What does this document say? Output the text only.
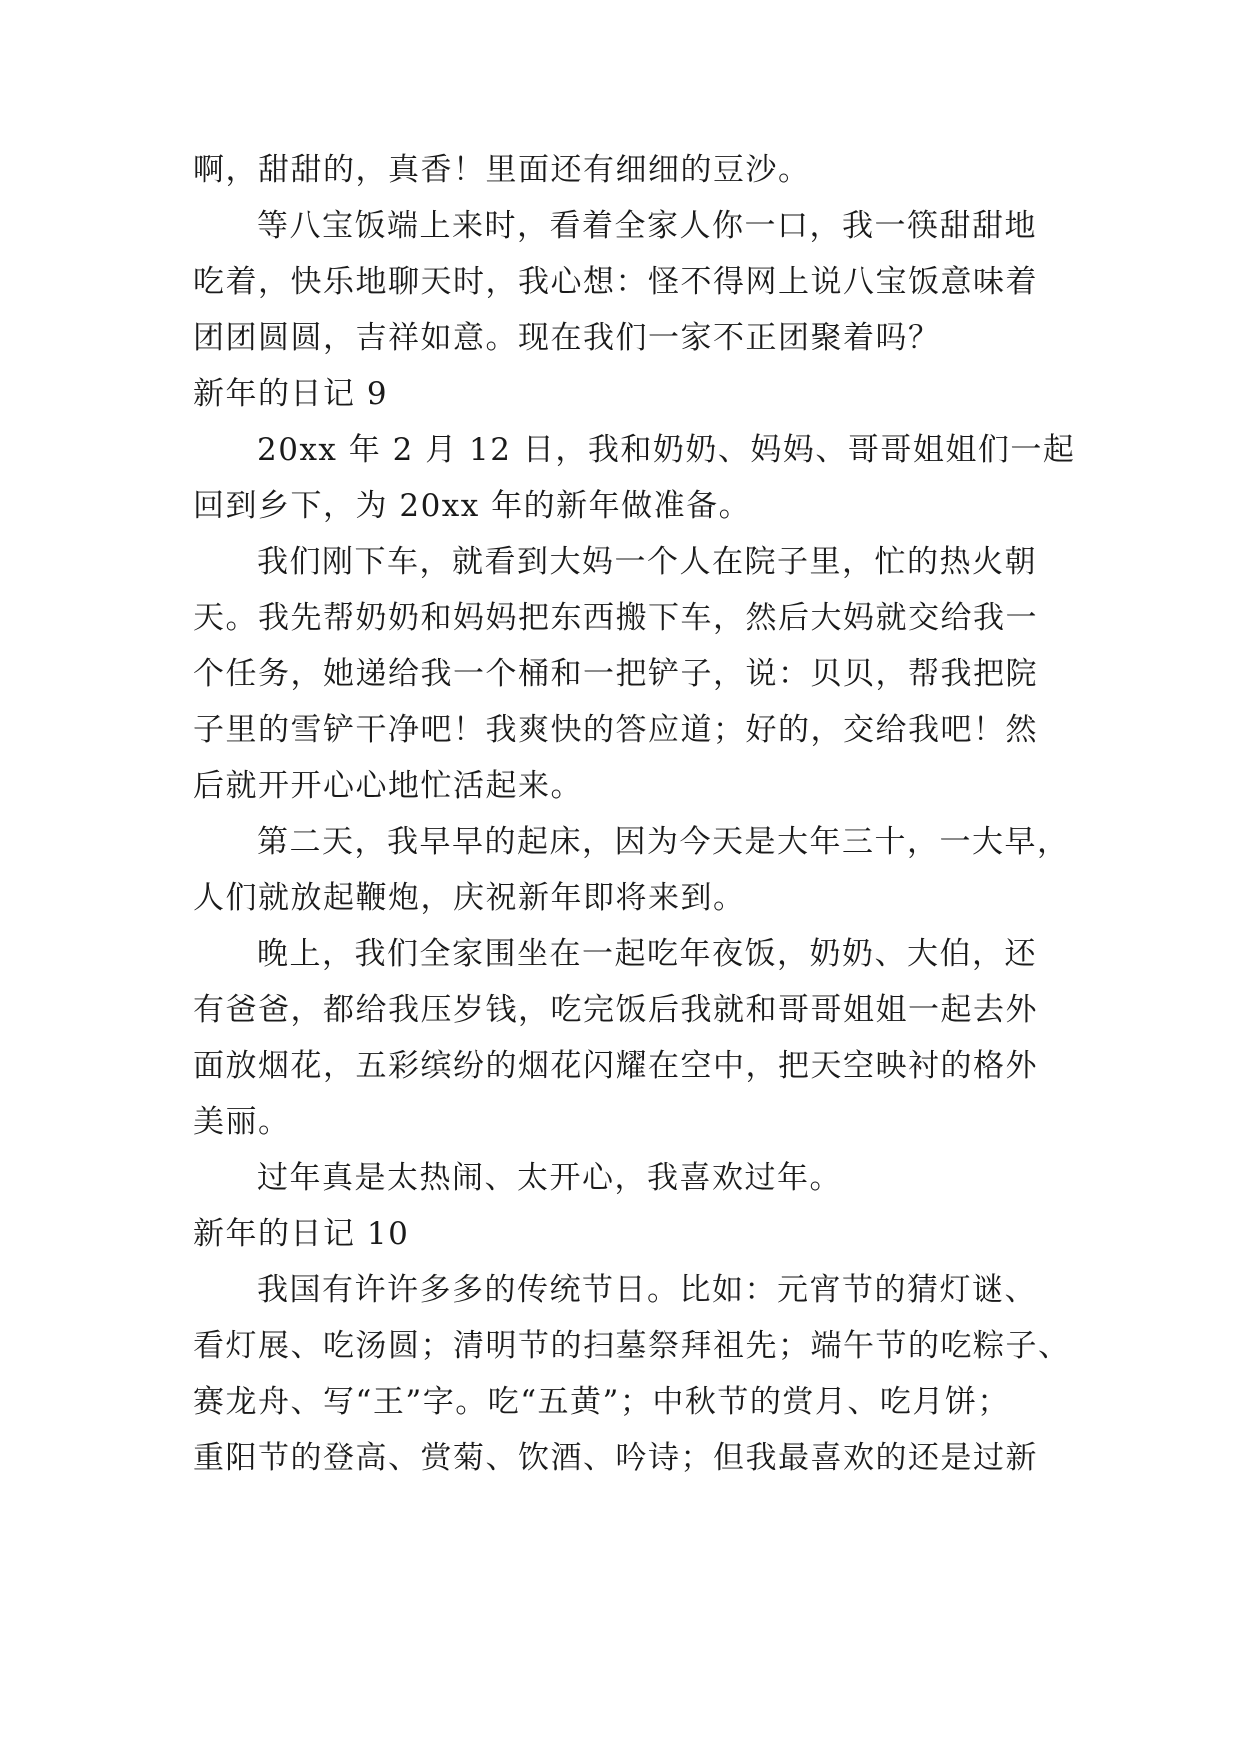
啊，甜甜的，真香！里面还有细细的豆沙。
等八宝饭端上来时，看着全家人你一口，我一筷甜甜地
吃着，快乐地聊天时，我心想：怪不得网上说八宝饭意味着
团团圆圆，吉祥如意。现在我们一家不正团聚着吗？
新年的日记 9
20xx 年 2 月 12 日，我和奶奶、妈妈、哥哥姐姐们一起
回到乡下，为 20xx 年的新年做准备。
我们刚下车，就看到大妈一个人在院子里，忙的热火朝
天。我先帮奶奶和妈妈把东西搬下车，然后大妈就交给我一
个任务，她递给我一个桶和一把铲子，说：贝贝，帮我把院
子里的雪铲干净吧！我爽快的答应道；好的，交给我吧！然
后就开开心心地忙活起来。
第二天，我早早的起床，因为今天是大年三十，一大早，
人们就放起鞭炮，庆祝新年即将来到。
晚上，我们全家围坐在一起吃年夜饭，奶奶、大伯，还
有爸爸，都给我压岁钱，吃完饭后我就和哥哥姐姐一起去外
面放烟花，五彩缤纷的烟花闪耀在空中，把天空映衬的格外
美丽。
过年真是太热闹、太开心，我喜欢过年。
新年的日记 10
我国有许许多多的传统节日。比如：元宵节的猜灯谜、
看灯展、吃汤圆；清明节的扫墓祭拜祖先；端午节的吃粽子、
赛龙舟、写“王”字。吃“五黄”；中秋节的赏月、吃月饼；
重阳节的登高、赏菊、饮酒、吟诗；但我最喜欢的还是过新
